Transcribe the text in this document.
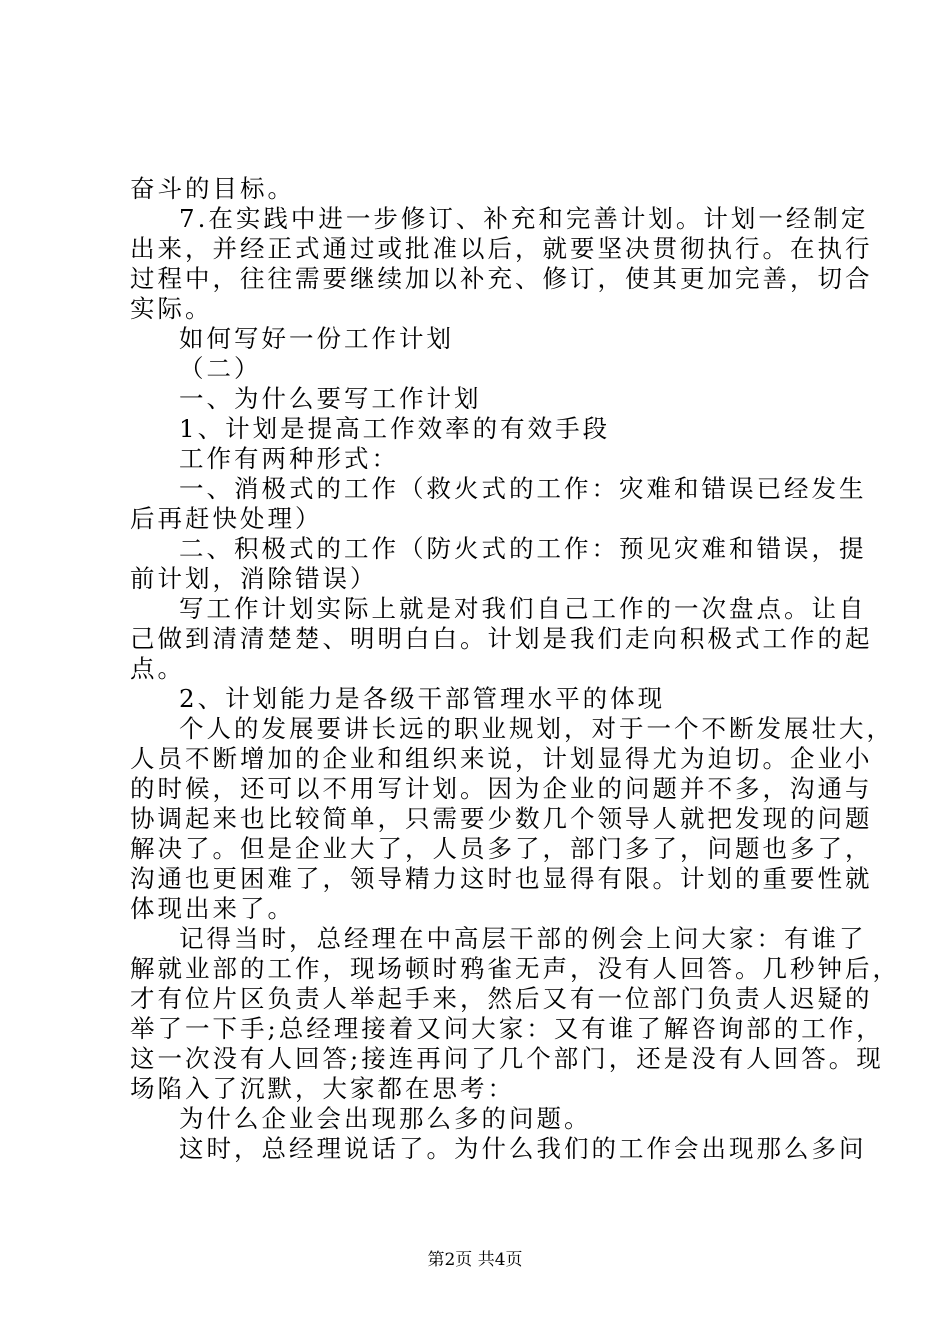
奋斗的目标。

7.在实践中进一步修订、补充和完善计划。计划一经制定

出来，并经正式通过或批准以后，就要坚决贯彻执行。在执行

过程中，往往需要继续加以补充、修订，使其更加完善，切合

实际。

如何写好一份工作计划

（二）

一、为什么要写工作计划

1、计划是提高工作效率的有效手段

工作有两种形式：

一、消极式的工作（救火式的工作：灾难和错误已经发生

后再赶快处理）

二、积极式的工作（防火式的工作：预见灾难和错误，提

前计划，消除错误）

写工作计划实际上就是对我们自己工作的一次盘点。让自

己做到清清楚楚、明明白白。计划是我们走向积极式工作的起

点。

2、计划能力是各级干部管理水平的体现

个人的发展要讲长远的职业规划，对于一个不断发展壮大，

人员不断增加的企业和组织来说，计划显得尤为迫切。企业小

的时候，还可以不用写计划。因为企业的问题并不多，沟通与

协调起来也比较简单，只需要少数几个领导人就把发现的问题

解决了。但是企业大了，人员多了，部门多了，问题也多了，

沟通也更困难了，领导精力这时也显得有限。计划的重要性就

体现出来了。

记得当时，总经理在中高层干部的例会上问大家：有谁了

解就业部的工作，现场顿时鸦雀无声，没有人回答。几秒钟后，

才有位片区负责人举起手来，然后又有一位部门负责人迟疑的

举了一下手;总经理接着又问大家：又有谁了解咨询部的工作，

这一次没有人回答;接连再问了几个部门，还是没有人回答。现

场陷入了沉默，大家都在思考：

为什么企业会出现那么多的问题。

这时，总经理说话了。为什么我们的工作会出现那么多问

第2页 共4页
